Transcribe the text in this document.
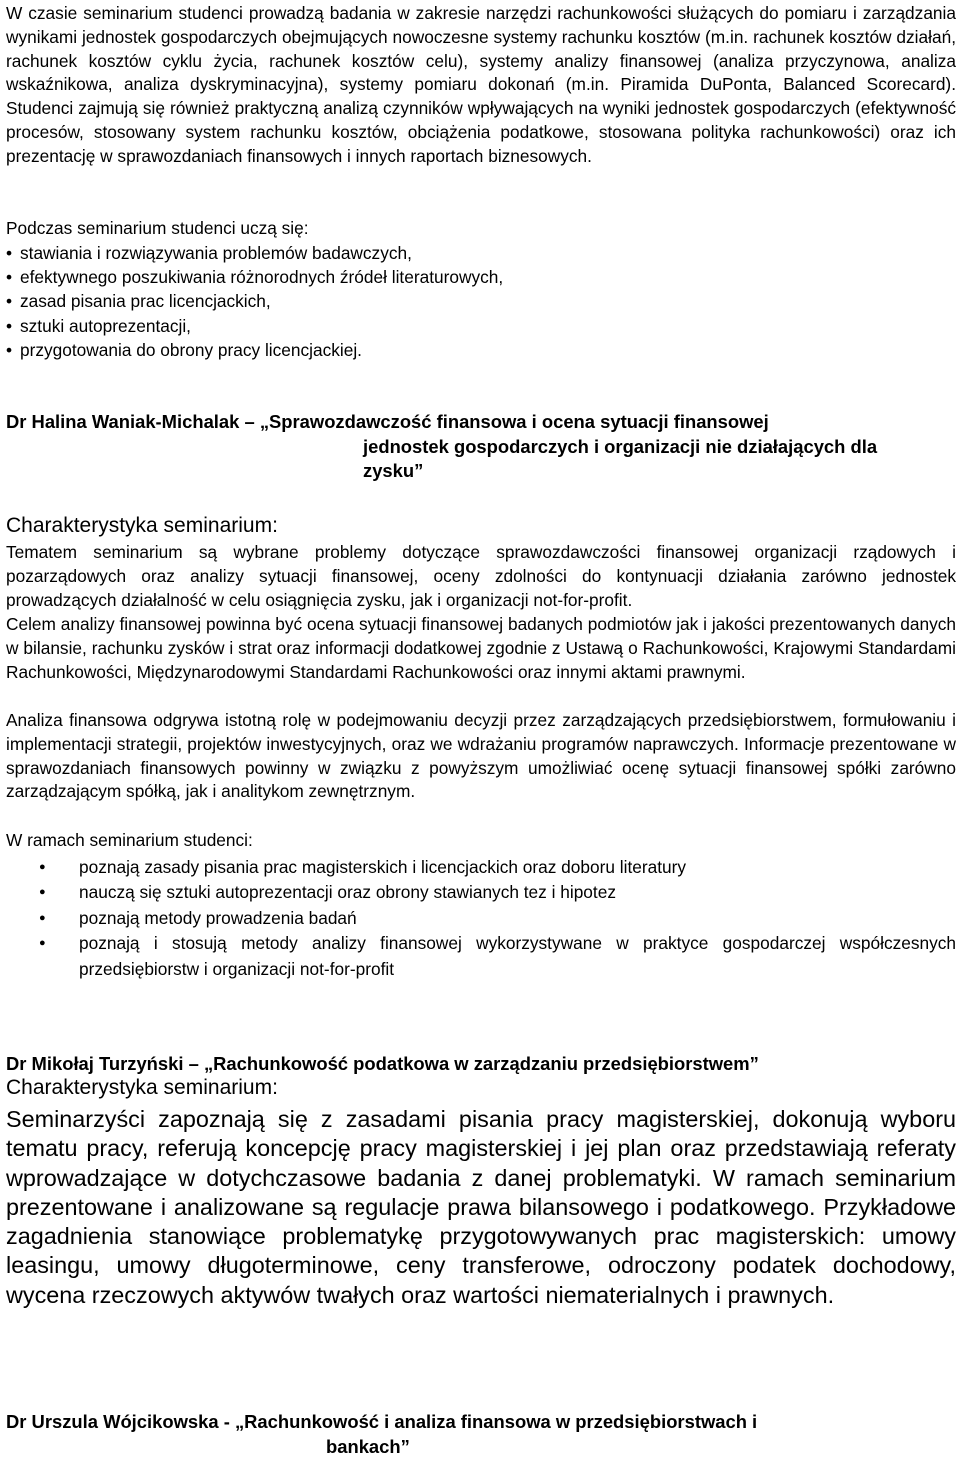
W czasie seminarium studenci prowadzą badania w zakresie narzędzi rachunkowości służących do pomiaru i zarządzania wynikami jednostek gospodarczych obejmujących nowoczesne systemy rachunku kosztów (m.in. rachunek kosztów działań, rachunek kosztów cyklu życia, rachunek kosztów celu), systemy analizy finansowej (analiza przyczynowa, analiza wskaźnikowa, analiza dyskryminacyjna), systemy pomiaru dokonań (m.in. Piramida DuPonta, Balanced Scorecard). Studenci zajmują się również praktyczną analizą czynników wpływających na wyniki jednostek gospodarczych (efektywność procesów, stosowany system rachunku kosztów, obciążenia podatkowe, stosowana polityka rachunkowości) oraz ich prezentację w sprawozdaniach finansowych i innych raportach biznesowych.

Podczas seminarium studenci uczą się:

• stawiania i rozwiązywania problemów badawczych,
• efektywnego poszukiwania różnorodnych źródeł literaturowych,
• zasad pisania prac licencjackich,
• sztuki autoprezentacji,
• przygotowania do obrony pracy licencjackiej.
Dr Halina Waniak-Michalak – „Sprawozdawczość finansowa i ocena sytuacji finansowej
jednostek gospodarczych i organizacji nie działających dla
zysku”

Charakterystyka seminarium:

Tematem seminarium są wybrane problemy dotyczące sprawozdawczości finansowej organizacji rządowych i pozarządowych oraz analizy sytuacji finansowej, oceny zdolności do kontynuacji działania zarówno jednostek prowadzących działalność w celu osiągnięcia zysku, jak i organizacji not-for-profit.

Celem analizy finansowej powinna być ocena sytuacji finansowej badanych podmiotów jak i jakości prezentowanych danych w bilansie, rachunku zysków i strat oraz informacji dodatkowej zgodnie z Ustawą o Rachunkowości, Krajowymi Standardami Rachunkowości, Międzynarodowymi Standardami Rachunkowości oraz innymi aktami prawnymi.

Analiza finansowa odgrywa istotną rolę w podejmowaniu decyzji przez zarządzających przedsiębiorstwem, formułowaniu i implementacji strategii, projektów inwestycyjnych, oraz we wdrażaniu programów naprawczych. Informacje prezentowane w sprawozdaniach finansowych powinny w związku z powyższym umożliwiać ocenę sytuacji finansowej spółki zarówno zarządzającym spółką, jak i analitykom zewnętrznym.

W ramach seminarium studenci:

● poznają zasady pisania prac magisterskich i licencjackich oraz doboru literatury
● nauczą się sztuki autoprezentacji oraz obrony stawianych tez i hipotez
● poznają metody prowadzenia badań
● poznają i stosują metody analizy finansowej wykorzystywane w praktyce gospodarczej współczesnych przedsiębiorstw i organizacji not-for-profit
Dr Mikołaj Turzyński – „Rachunkowość podatkowa w zarządzaniu przedsiębiorstwem”

Charakterystyka seminarium:

Seminarzyści zapoznają się z zasadami pisania pracy magisterskiej, dokonują wyboru tematu pracy, referują koncepcję pracy magisterskiej i jej plan oraz przedstawiają referaty wprowadzające w dotychczasowe badania z danej problematyki. W ramach seminarium prezentowane i analizowane są regulacje prawa bilansowego i podatkowego. Przykładowe zagadnienia stanowiące problematykę przygotowywanych prac magisterskich: umowy leasingu, umowy długoterminowe, ceny transferowe, odroczony podatek dochodowy, wycena rzeczowych aktywów twałych oraz wartości niematerialnych i prawnych.

Dr Urszula Wójcikowska - „Rachunkowość i analiza finansowa w przedsiębiorstwach i
bankach”
